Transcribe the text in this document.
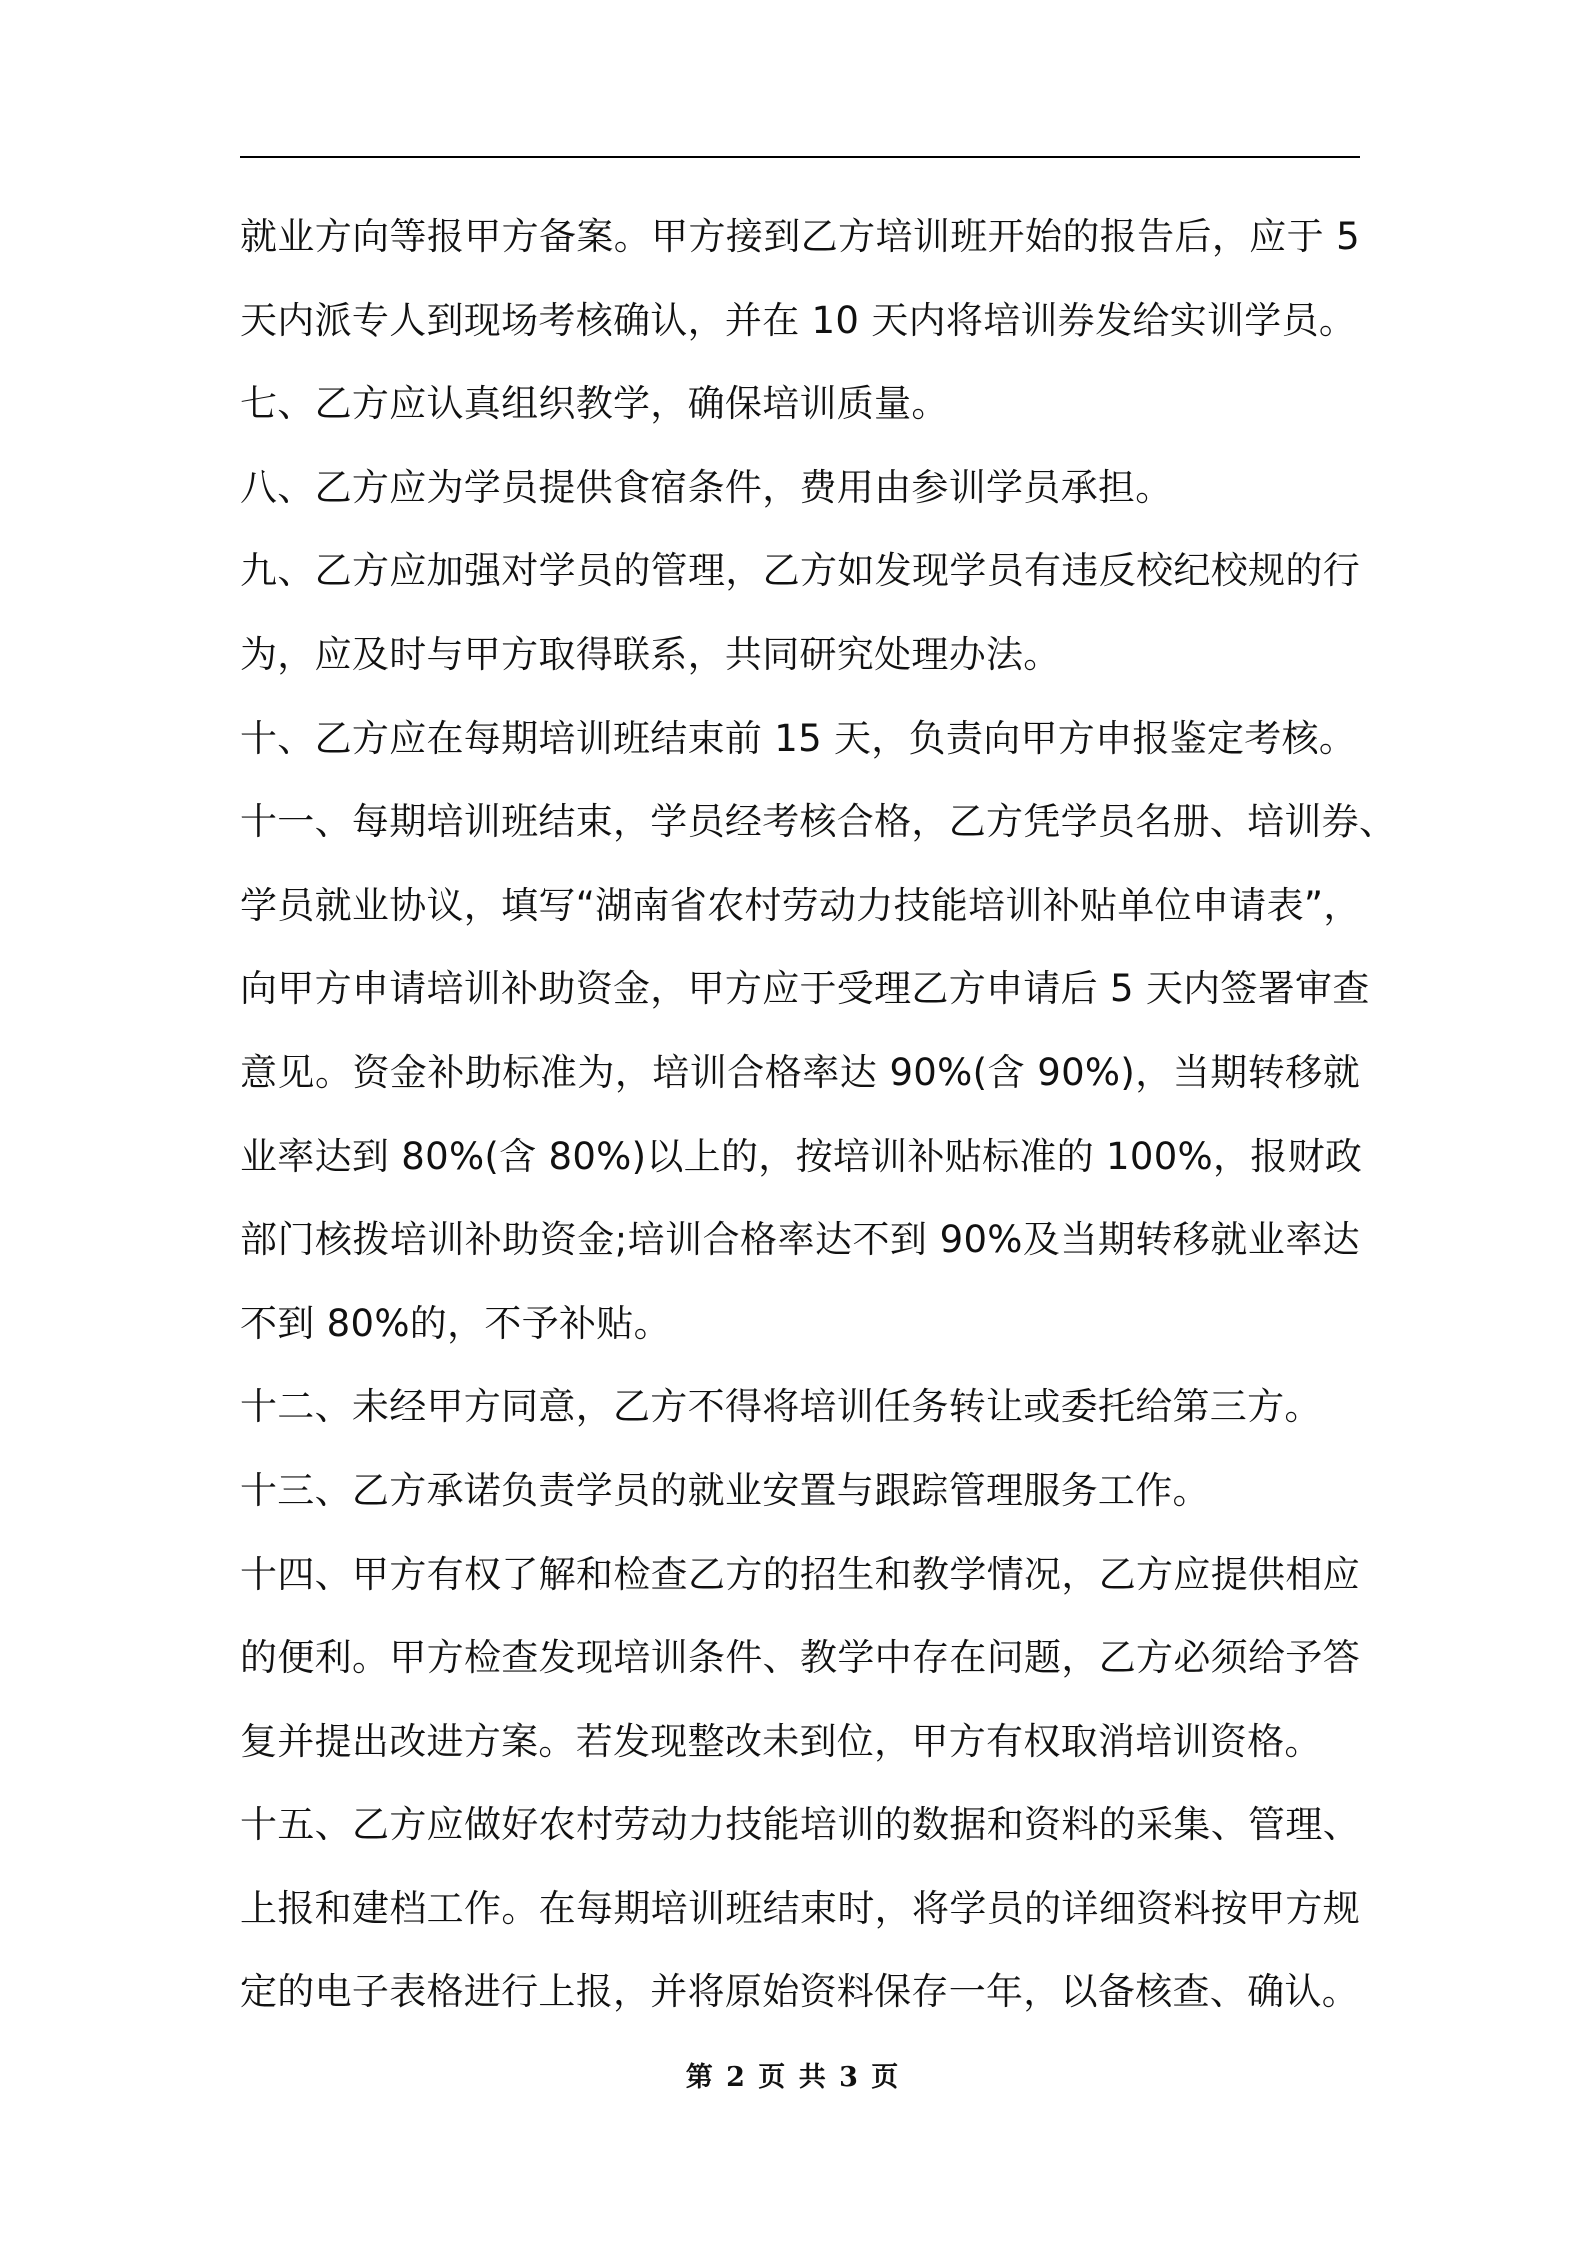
就业方向等报甲方备案。甲方接到乙方培训班开始的报告后，应于 5
天内派专人到现场考核确认，并在 10 天内将培训券发给实训学员。
七、乙方应认真组织教学，确保培训质量。
八、乙方应为学员提供食宿条件，费用由参训学员承担。
九、乙方应加强对学员的管理，乙方如发现学员有违反校纪校规的行
为，应及时与甲方取得联系，共同研究处理办法。
十、乙方应在每期培训班结束前 15 天，负责向甲方申报鉴定考核。
十一、每期培训班结束，学员经考核合格，乙方凭学员名册、培训券、
学员就业协议，填写“湖南省农村劳动力技能培训补贴单位申请表”，
向甲方申请培训补助资金，甲方应于受理乙方申请后 5 天内签署审查
意见。资金补助标准为，培训合格率达 90%(含 90%)，当期转移就
业率达到 80%(含 80%)以上的，按培训补贴标准的 100%，报财政
部门核拨培训补助资金;培训合格率达不到 90%及当期转移就业率达
不到 80%的，不予补贴。
十二、未经甲方同意，乙方不得将培训任务转让或委托给第三方。
十三、乙方承诺负责学员的就业安置与跟踪管理服务工作。
十四、甲方有权了解和检查乙方的招生和教学情况，乙方应提供相应
的便利。甲方检查发现培训条件、教学中存在问题，乙方必须给予答
复并提出改进方案。若发现整改未到位，甲方有权取消培训资格。
十五、乙方应做好农村劳动力技能培训的数据和资料的采集、管理、
上报和建档工作。在每期培训班结束时，将学员的详细资料按甲方规
定的电子表格进行上报，并将原始资料保存一年，以备核查、确认。
第 2 页 共 3 页
